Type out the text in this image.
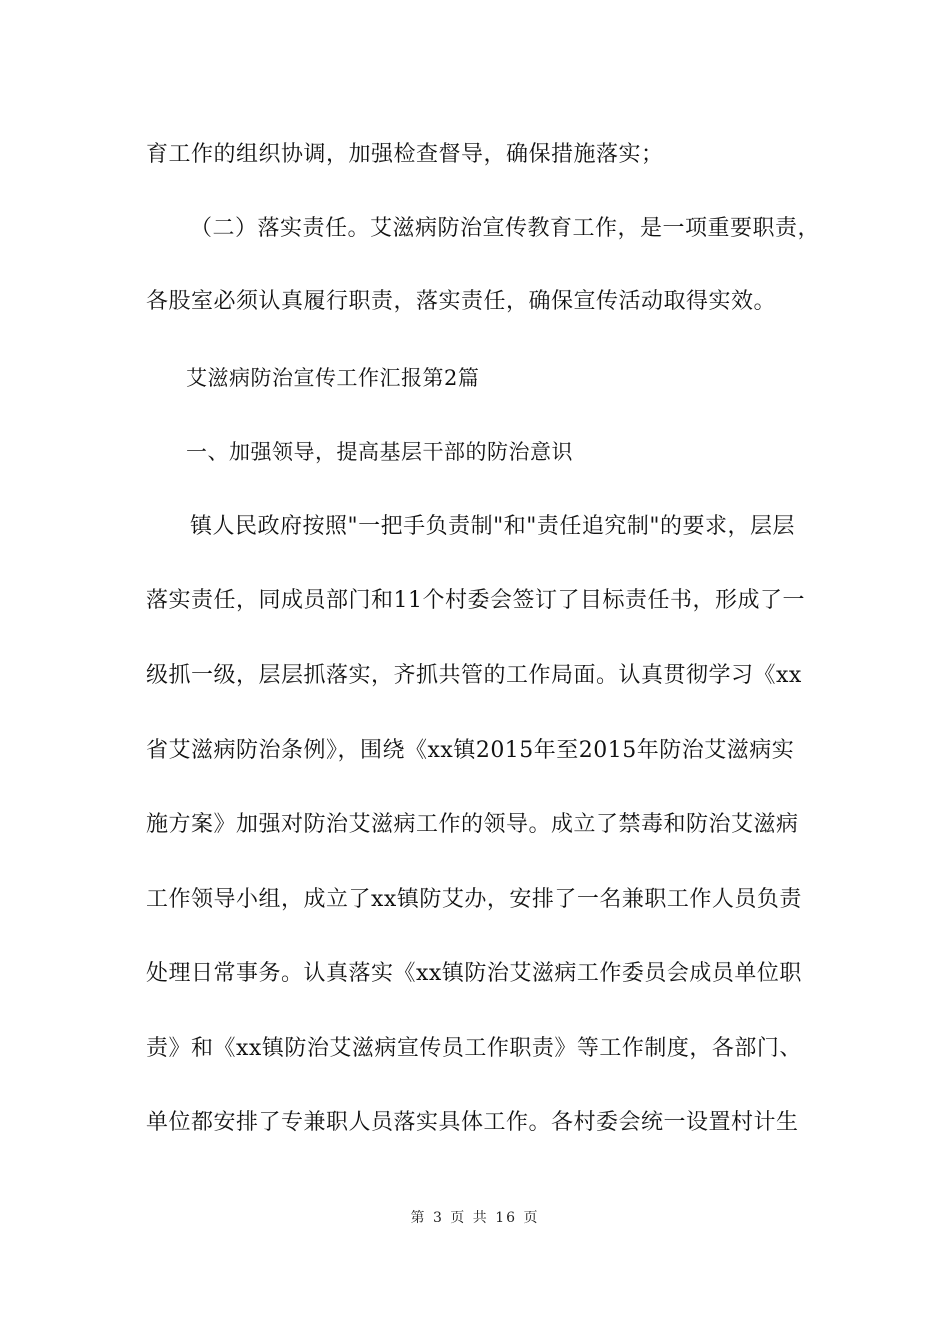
育工作的组织协调，加强检查督导，确保措施落实；
（二）落实责任。艾滋病防治宣传教育工作，是一项重要职责，
各股室必须认真履行职责，落实责任，确保宣传活动取得实效。
艾滋病防治宣传工作汇报第2篇
一、加强领导，提高基层干部的防治意识
镇人民政府按照"一把手负责制"和"责任追究制"的要求，层层
落实责任，同成员部门和11个村委会签订了目标责任书，形成了一
级抓一级，层层抓落实，齐抓共管的工作局面。认真贯彻学习《xx
省艾滋病防治条例》，围绕《xx镇2015年至2015年防治艾滋病实
施方案》加强对防治艾滋病工作的领导。成立了禁毒和防治艾滋病
工作领导小组，成立了xx镇防艾办，安排了一名兼职工作人员负责
处理日常事务。认真落实《xx镇防治艾滋病工作委员会成员单位职
责》和《xx镇防治艾滋病宣传员工作职责》等工作制度，各部门、
单位都安排了专兼职人员落实具体工作。各村委会统一设置村计生
第 3 页 共 16 页
